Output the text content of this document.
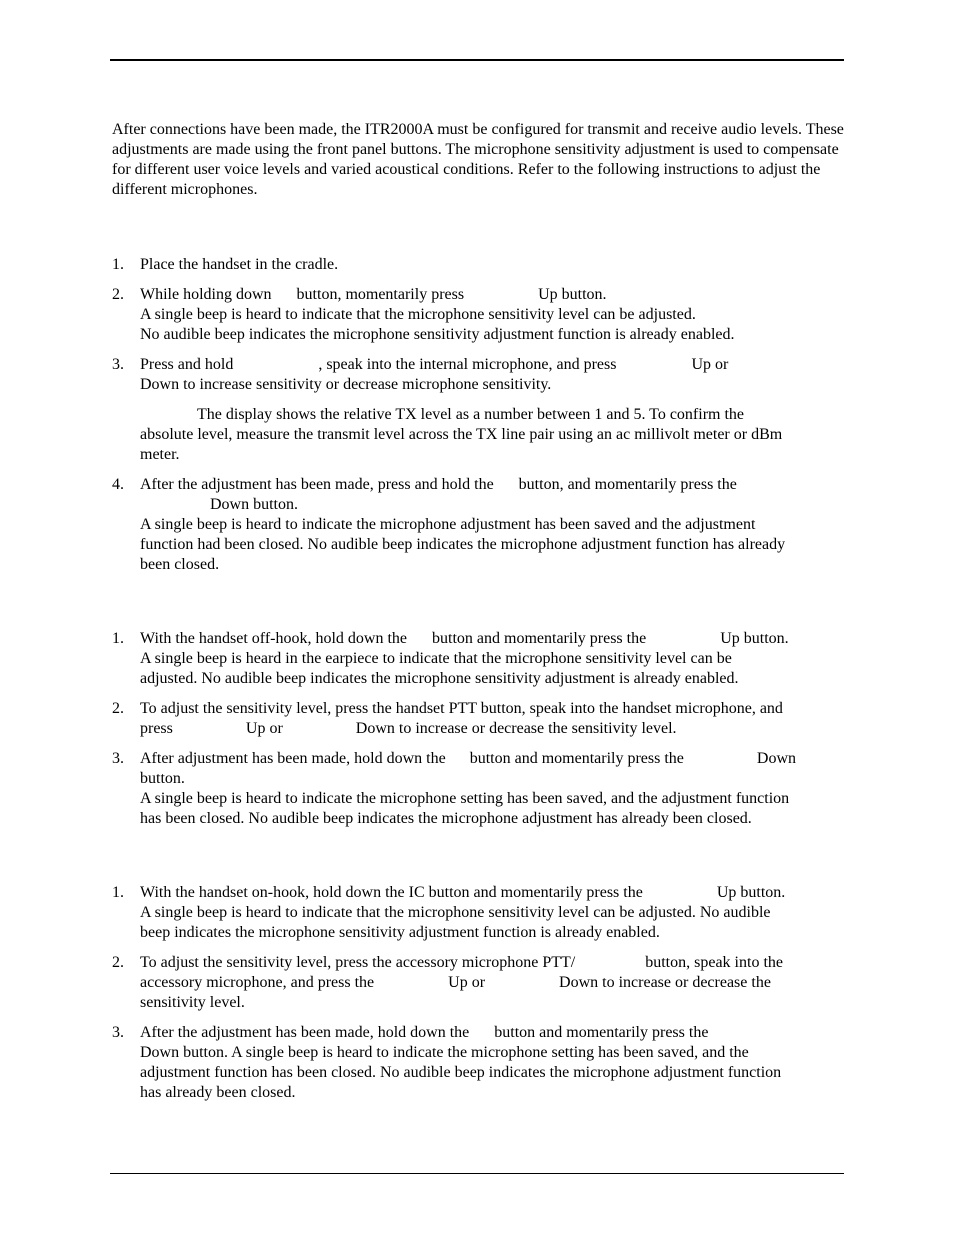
After connections have been made, the ITR2000A must be configured for transmit and receive audio levels. These adjustments are made using the front panel buttons. The microphone sensitivity adjustment is used to compensate for different user voice levels and varied acoustical conditions. Refer to the following instructions to adjust the different microphones.

1. Place the handset in the cradle.

2. While holding down button, momentarily press	Up button.

A single beep is heard to indicate that the microphone sensitivity level can be adjusted.

No audible beep indicates the microphone sensitivity adjustment function is already enabled.

3. Press and hold	, speak into the internal microphone, and press	Up or

Down to increase sensitivity or decrease microphone sensitivity.

The display shows the relative TX level as a number between 1 and 5. To confirm the

absolute level, measure the transmit level across the TX line pair using an ac millivolt meter or dBm

meter.

4. After the adjustment has been made, press and hold the button, and momentarily press the

Down button.

A single beep is heard to indicate the microphone adjustment has been saved and the adjustment

function had been closed. No audible beep indicates the microphone adjustment function has already

been closed.

1. With the handset off-hook, hold down the button and momentarily press the	Up button.

A single beep is heard in the earpiece to indicate that the microphone sensitivity level can be

adjusted. No audible beep indicates the microphone sensitivity adjustment is already enabled.

2. To adjust the sensitivity level, press the handset PTT button, speak into the handset microphone, and

press	Up or	Down to increase or decrease the sensitivity level.

3. After adjustment has been made, hold down the button and momentarily press the	Down

button.

A single beep is heard to indicate the microphone setting has been saved, and the adjustment function

has been closed. No audible beep indicates the microphone adjustment has already been closed.

1. With the handset on-hook, hold down the IC button and momentarily press the	Up button.

A single beep is heard to indicate that the microphone sensitivity level can be adjusted. No audible

beep indicates the microphone sensitivity adjustment function is already enabled.

2. To adjust the sensitivity level, press the accessory microphone PTT/	button, speak into the

accessory microphone, and press the	Up or	Down to increase or decrease the

sensitivity level.

3. After the adjustment has been made, hold down the button and momentarily press the

Down button. A single beep is heard to indicate the microphone setting has been saved, and the

adjustment function has been closed. No audible beep indicates the microphone adjustment function

has already been closed.
